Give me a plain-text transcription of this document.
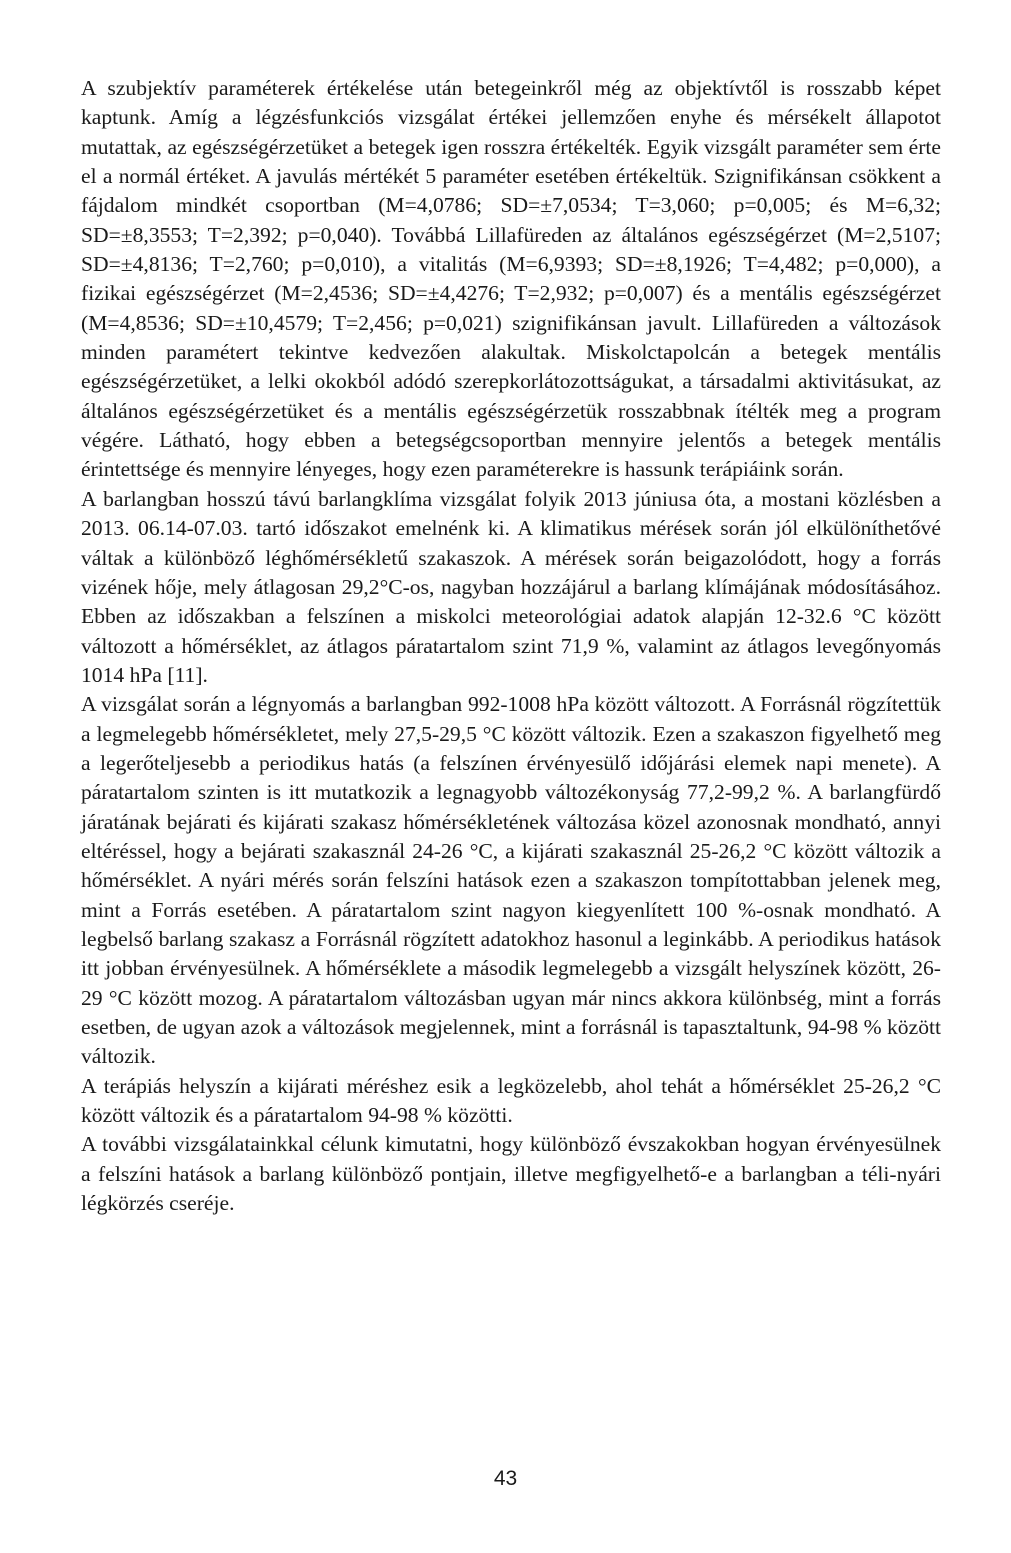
A szubjektív paraméterek értékelése után betegeinkről még az objektívtől is rosszabb képet kaptunk. Amíg a légzésfunkciós vizsgálat értékei jellemzően enyhe és mérsékelt állapotot mutattak, az egészségérzetüket a betegek igen rosszra értékelték. Egyik vizsgált paraméter sem érte el a normál értéket. A javulás mértékét 5 paraméter esetében értékeltük. Szignifikánsan csökkent a fájdalom mindkét csoportban (M=4,0786; SD=±7,0534; T=3,060; p=0,005; és M=6,32; SD=±8,3553; T=2,392; p=0,040). Továbbá Lillafüreden az általános egészségérzet (M=2,5107; SD=±4,8136; T=2,760; p=0,010), a vitalitás (M=6,9393; SD=±8,1926; T=4,482; p=0,000), a fizikai egészségérzet (M=2,4536; SD=±4,4276; T=2,932; p=0,007) és a mentális egészségérzet (M=4,8536; SD=±10,4579; T=2,456; p=0,021) szignifikánsan javult. Lillafüreden a változások minden paramétert tekintve kedvezően alakultak. Miskolctapolcán a betegek mentális egészségérzetüket, a lelki okokból adódó szerepkorlátozottságukat, a társadalmi aktivitásukat, az általános egészségérzetüket és a mentális egészségérzetük rosszabbnak ítélték meg a program végére. Látható, hogy ebben a betegségcsoportban mennyire jelentős a betegek mentális érintettsége és mennyire lényeges, hogy ezen paraméterekre is hassunk terápiáink során.

A barlangban hosszú távú barlangklíma vizsgálat folyik 2013 júniusa óta, a mostani közlésben a 2013. 06.14-07.03. tartó időszakot emelnénk ki. A klimatikus mérések során jól elkülöníthetővé váltak a különböző léghőmérsékletű szakaszok. A mérések során beigazolódott, hogy a forrás vizének hője, mely átlagosan 29,2°C-os, nagyban hozzájárul a barlang klímájának módosításához. Ebben az időszakban a felszínen a miskolci meteorológiai adatok alapján 12-32.6 °C között változott a hőmérséklet, az átlagos páratartalom szint 71,9 %, valamint az átlagos levegőnyomás 1014 hPa [11].

A vizsgálat során a légnyomás a barlangban 992-1008 hPa között változott. A Forrásnál rögzítettük a legmelegebb hőmérsékletet, mely 27,5-29,5 °C között változik. Ezen a szakaszon figyelhető meg a legerőteljesebb a periodikus hatás (a felszínen érvényesülő időjárási elemek napi menete). A páratartalom szinten is itt mutatkozik a legnagyobb változékonyság 77,2-99,2 %. A barlangfürdő járatának bejárati és kijárati szakasz hőmérsékletének változása közel azonosnak mondható, annyi eltéréssel, hogy a bejárati szakasznál 24-26 °C, a kijárati szakasznál 25-26,2 °C között változik a hőmérséklet. A nyári mérés során felszíni hatások ezen a szakaszon tompítottabban jelenek meg, mint a Forrás esetében. A páratartalom szint nagyon kiegyenlített 100 %-osnak mondható. A legbelső barlang szakasz a Forrásnál rögzített adatokhoz hasonul a leginkább. A periodikus hatások itt jobban érvényesülnek. A hőmérséklete a második legmelegebb a vizsgált helyszínek között, 26-29 °C között mozog. A páratartalom változásban ugyan már nincs akkora különbség, mint a forrás esetben, de ugyan azok a változások megjelennek, mint a forrásnál is tapasztaltunk, 94-98 % között változik.

A terápiás helyszín a kijárati méréshez esik a legközelebb, ahol tehát a hőmérséklet 25-26,2 °C között változik és a páratartalom 94-98 % közötti.

A további vizsgálatainkkal célunk kimutatni, hogy különböző évszakokban hogyan érvényesülnek a felszíni hatások a barlang különböző pontjain, illetve megfigyelhető-e a barlangban a téli-nyári légkörzés cseréje.

43
